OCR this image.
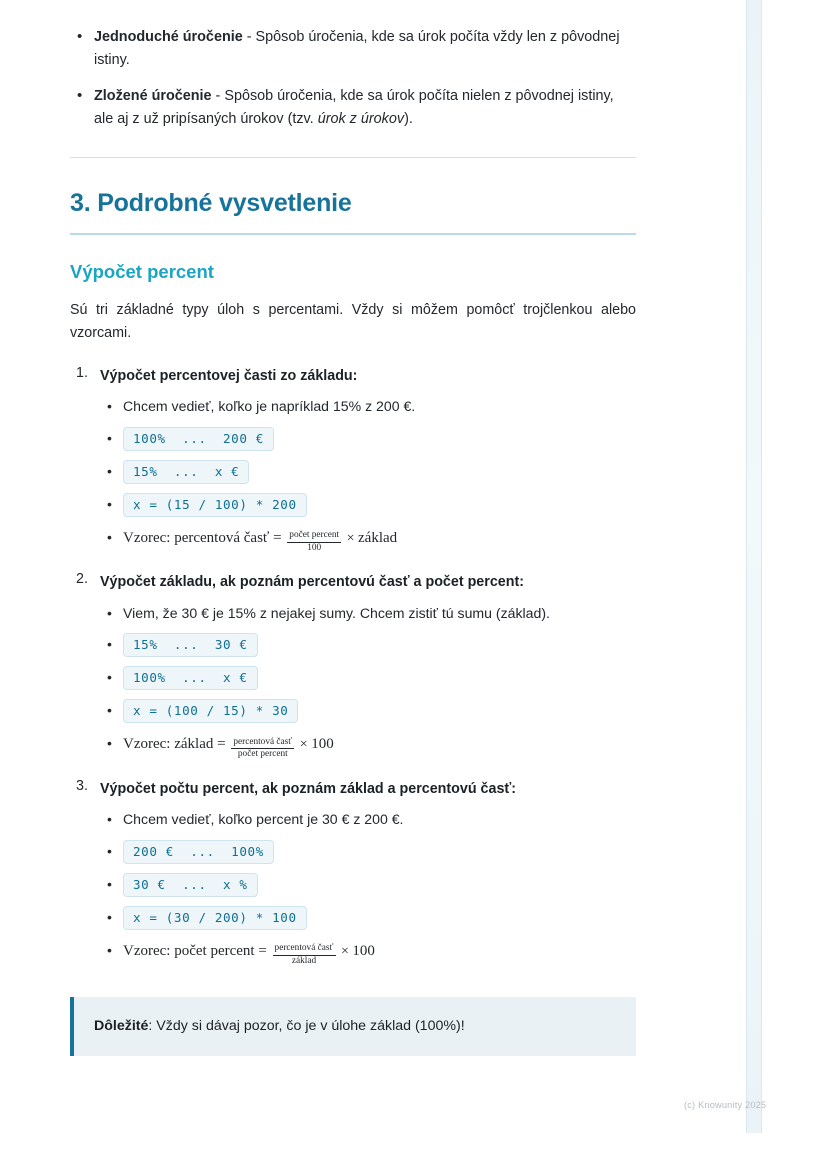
• Jednoduché úročenie - Spôsob úročenia, kde sa úrok počíta vždy len z pôvodnej istiny.
• Zložené úročenie - Spôsob úročenia, kde sa úrok počíta nielen z pôvodnej istiny, ale aj z už pripísaných úrokov (tzv. úrok z úrokov).
3. Podrobné vysvetlenie
Výpočet percent

Sú tri základné typy úloh s percentami. Vždy si môžem pomôcť trojčlenkou alebo vzorcami.

Výpočet percentovej časti zo základu:
• Chcem vedieť, koľko je napríklad 15% z 200 €.
• 100%  ...  200 €
• 15%  ...  x €
• x = (15 / 100) * 200
• Vzorec: percentová časť = $\frac{\text{počet percent}}{100}$ × základ
Výpočet základu, ak poznám percentovú časť a počet percent:
• Viem, že 30 € je 15% z nejakej sumy. Chcem zistiť tú sumu (základ).
• 15%  ...  30 €
• 100%  ...  x €
• x = (100 / 15) * 30
• Vzorec: základ = $\frac{\text{percentová časť}}{\text{počet percent}} \times 100$
Výpočet počtu percent, ak poznám základ a percentovú časť:
• Chcem vedieť, koľko percent je 30 € z 200 €.
• 200 €  ...  100%
• 30 €  ...  x %
• x = (30 / 200) * 100
• Vzorec: počet percent = $\frac{\text{percentová časť}}{\text{základ}} \times 100$
Dôležité: Vždy si dávaj pozor, čo je v úlohe základ (100%)!
(c) Knowunity 2025
